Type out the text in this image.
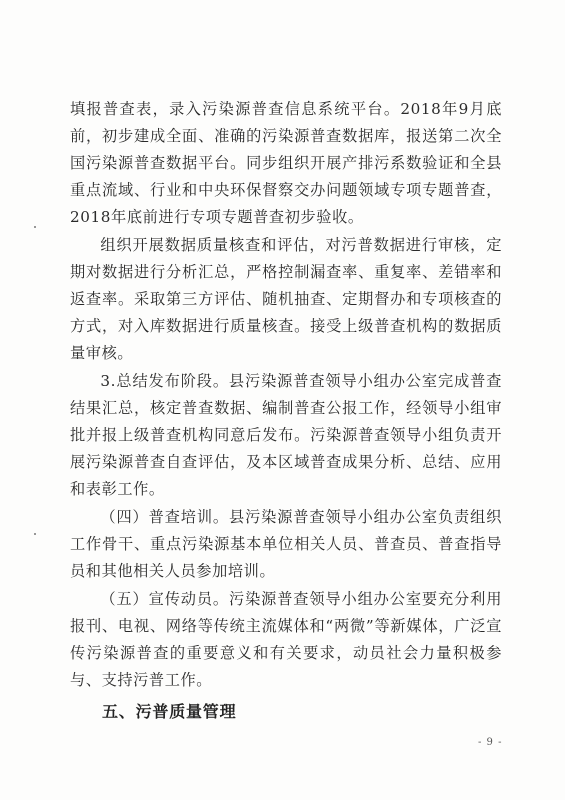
填报普查表，录入污染源普查信息系统平台。2018年9月底前，初步建成全面、准确的污染源普查数据库，报送第二次全国污染源普查数据平台。同步组织开展产排污系数验证和全县重点流域、行业和中央环保督察交办问题领域专项专题普查，2018年底前进行专项专题普查初步验收。

组织开展数据质量核查和评估，对污普数据进行审核，定期对数据进行分析汇总，严格控制漏查率、重复率、差错率和返查率。采取第三方评估、随机抽查、定期督办和专项核查的方式，对入库数据进行质量核查。接受上级普查机构的数据质量审核。

3.总结发布阶段。县污染源普查领导小组办公室完成普查结果汇总，核定普查数据、编制普查公报工作，经领导小组审批并报上级普查机构同意后发布。污染源普查领导小组负责开展污染源普查自查评估，及本区域普查成果分析、总结、应用和表彰工作。

（四）普查培训。县污染源普查领导小组办公室负责组织工作骨干、重点污染源基本单位相关人员、普查员、普查指导员和其他相关人员参加培训。

（五）宣传动员。污染源普查领导小组办公室要充分利用报刊、电视、网络等传统主流媒体和“两微”等新媒体，广泛宣传污染源普查的重要意义和有关要求，动员社会力量积极参与、支持污普工作。

五、污普质量管理
- 9 -
